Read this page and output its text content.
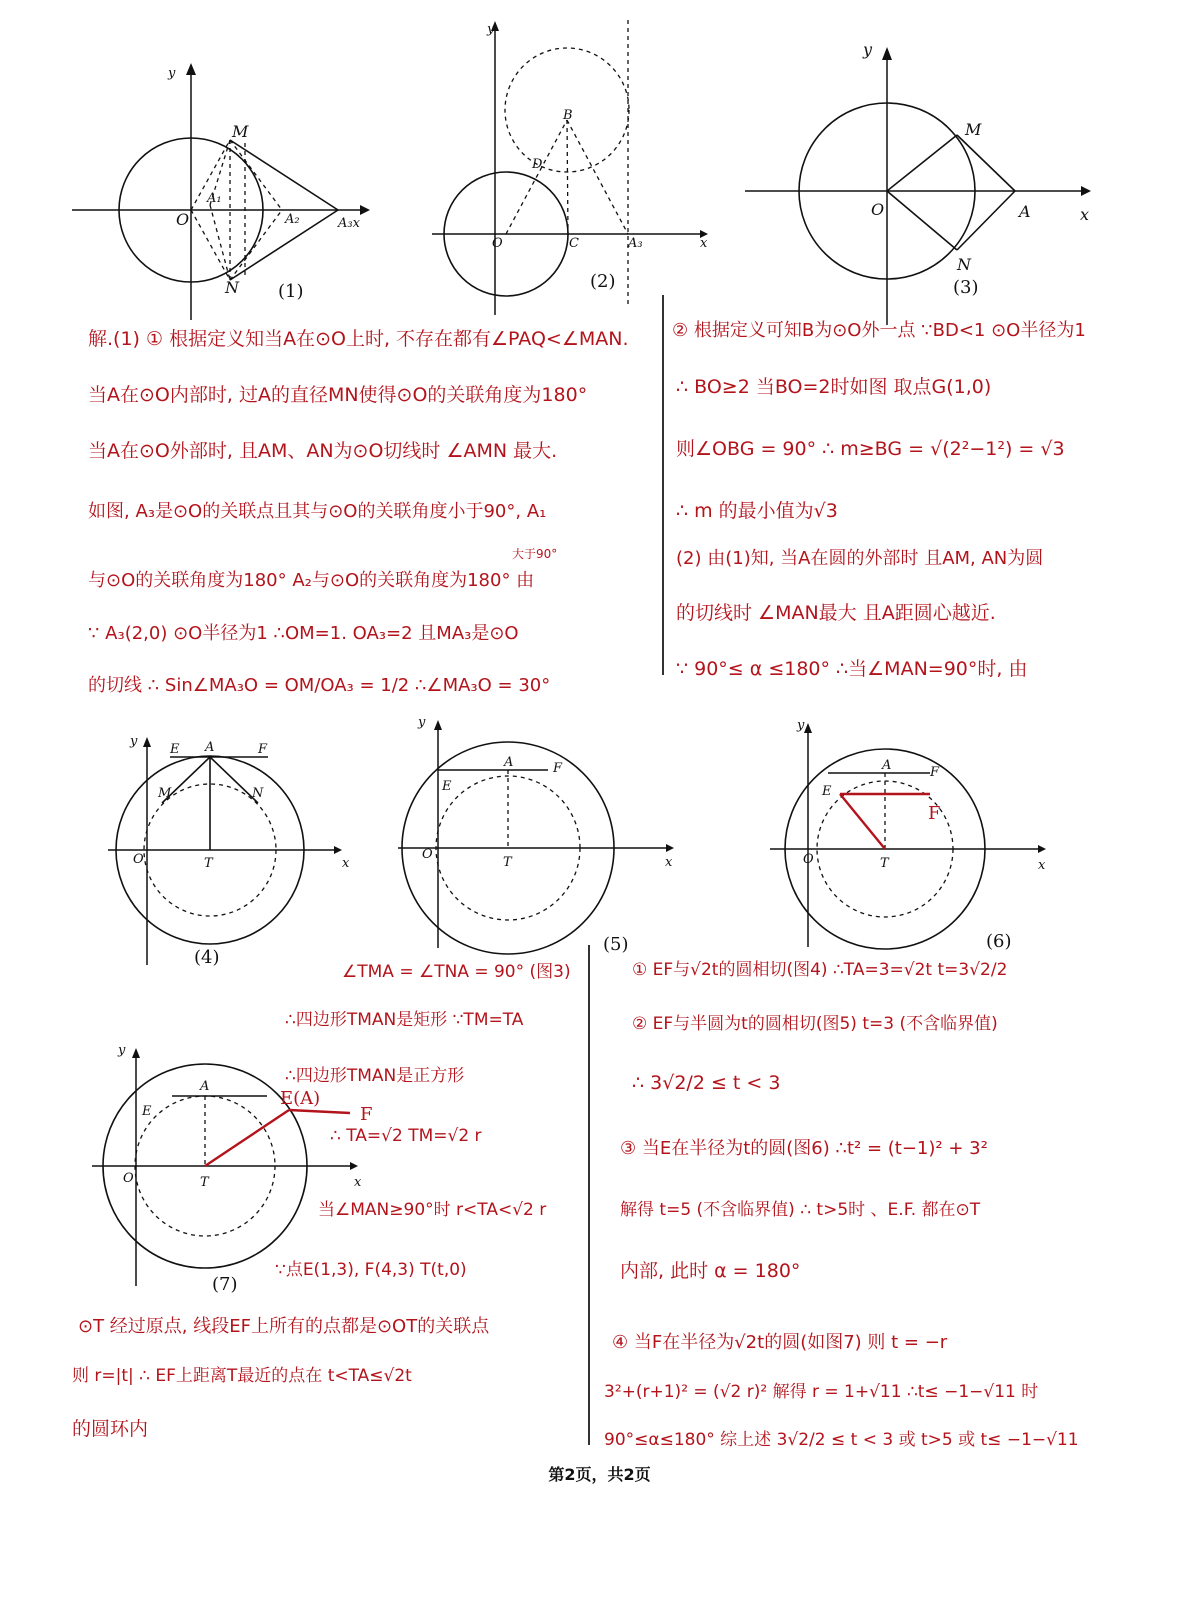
y
M
N
O
A₁
A₂	A₃x
(1)
y
x
B
D
O	C	A₃
(2)
y
x
M
N
O	A
(3)
y
x
E A	F
M	N
O	T
(4)
y
x
E
A	F
O
T
(5)
y
x
E
A	F
F
O	T
(6)
y
x
E
A
O	T
E(A)
F
(7)
解.(1) ① 根据定义知当A在⊙O上时, 不存在都有∠PAQ<∠MAN.
当A在⊙O内部时, 过A的直径MN使得⊙O的关联角度为180°
当A在⊙O外部时, 且AM、AN为⊙O切线时 ∠AMN 最大.
如图, A₃是⊙O的关联点且其与⊙O的关联角度小于90°, A₁
大于90°
与⊙O的关联角度为180° A₂与⊙O的关联角度为180° 由
∵ A₃(2,0) ⊙O半径为1 ∴OM=1. OA₃=2 且MA₃是⊙O
的切线 ∴ Sin∠MA₃O = OM/OA₃ = 1/2 ∴∠MA₃O = 30°
② 根据定义可知B为⊙O外一点 ∵BD<1 ⊙O半径为1
∴ BO≥2 当BO=2时如图 取点G(1,0)
则∠OBG = 90° ∴ m≥BG = √(2²−1²) = √3
∴ m 的最小值为√3
(2) 由(1)知, 当A在圆的外部时 且AM, AN为圆
的切线时 ∠MAN最大 且A距圆心越近.
∵ 90°≤ α ≤180° ∴当∠MAN=90°时, 由
∠TMA = ∠TNA = 90° (图3)
∴四边形TMAN是矩形 ∵TM=TA
∴四边形TMAN是正方形
∴ TA=√2 TM=√2 r
当∠MAN≥90°时 r<TA<√2 r
∵点E(1,3), F(4,3) T(t,0)
① EF与√2t的圆相切(图4) ∴TA=3=√2t t=3√2/2
② EF与半圆为t的圆相切(图5) t=3 (不含临界值)
∴ 3√2/2 ≤ t < 3
③ 当E在半径为t的圆(图6) ∴t² = (t−1)² + 3²
解得 t=5 (不含临界值) ∴ t>5时 、E.F. 都在⊙T
内部, 此时 α = 180°
④ 当F在半径为√2t的圆(如图7) 则 t = −r
3²+(r+1)² = (√2 r)² 解得 r = 1+√11 ∴t≤ −1−√11 时
90°≤α≤180° 综上述 3√2/2 ≤ t < 3 或 t>5 或 t≤ −1−√11
⊙T 经过原点, 线段EF上所有的点都是⊙OT的关联点
则 r=|t| ∴ EF上距离T最近的点在 t<TA≤√2t
的圆环内
第2页，共2页
